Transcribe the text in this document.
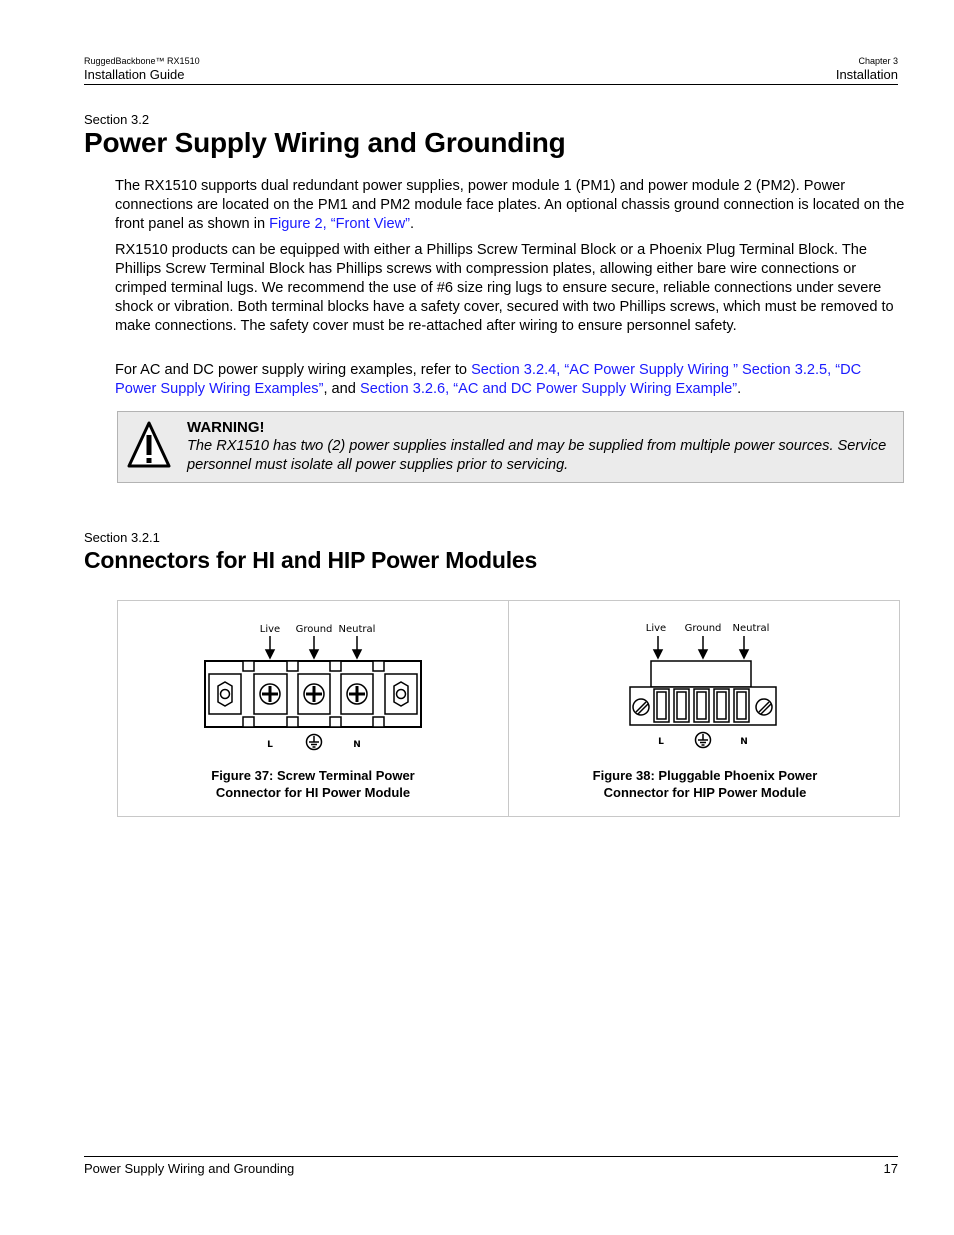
RuggedBackbone™ RX1510
Installation Guide
Chapter 3
Installation
Section 3.2
Power Supply Wiring and Grounding
The RX1510 supports dual redundant power supplies, power module 1 (PM1) and power module 2 (PM2). Power connections are located on the PM1 and PM2 module face plates. An optional chassis ground connection is located on the front panel as shown in Figure 2, “Front View”.
RX1510 products can be equipped with either a Phillips Screw Terminal Block or a Phoenix Plug Terminal Block. The Phillips Screw Terminal Block has Phillips screws with compression plates, allowing either bare wire connections or crimped terminal lugs. We recommend the use of #6 size ring lugs to ensure secure, reliable connections under severe shock or vibration. Both terminal blocks have a safety cover, secured with two Phillips screws, which must be removed to make connections. The safety cover must be re-attached after wiring to ensure personnel safety.
For AC and DC power supply wiring examples, refer to Section 3.2.4, “AC Power Supply Wiring ” Section 3.2.5, “DC Power Supply Wiring Examples”, and Section 3.2.6, “AC and DC Power Supply Wiring Example”.
WARNING!
The RX1510 has two (2) power supplies installed and may be supplied from multiple power sources. Service personnel must isolate all power supplies prior to servicing.
Section 3.2.1
Connectors for HI and HIP Power Modules
Live Ground Neutral
L	N
Figure 37: Screw Terminal Power
Connector for HI Power Module
Live Ground Neutral
L	N
Figure 38: Pluggable Phoenix Power
Connector for HIP Power Module
Power Supply Wiring and Grounding	17
